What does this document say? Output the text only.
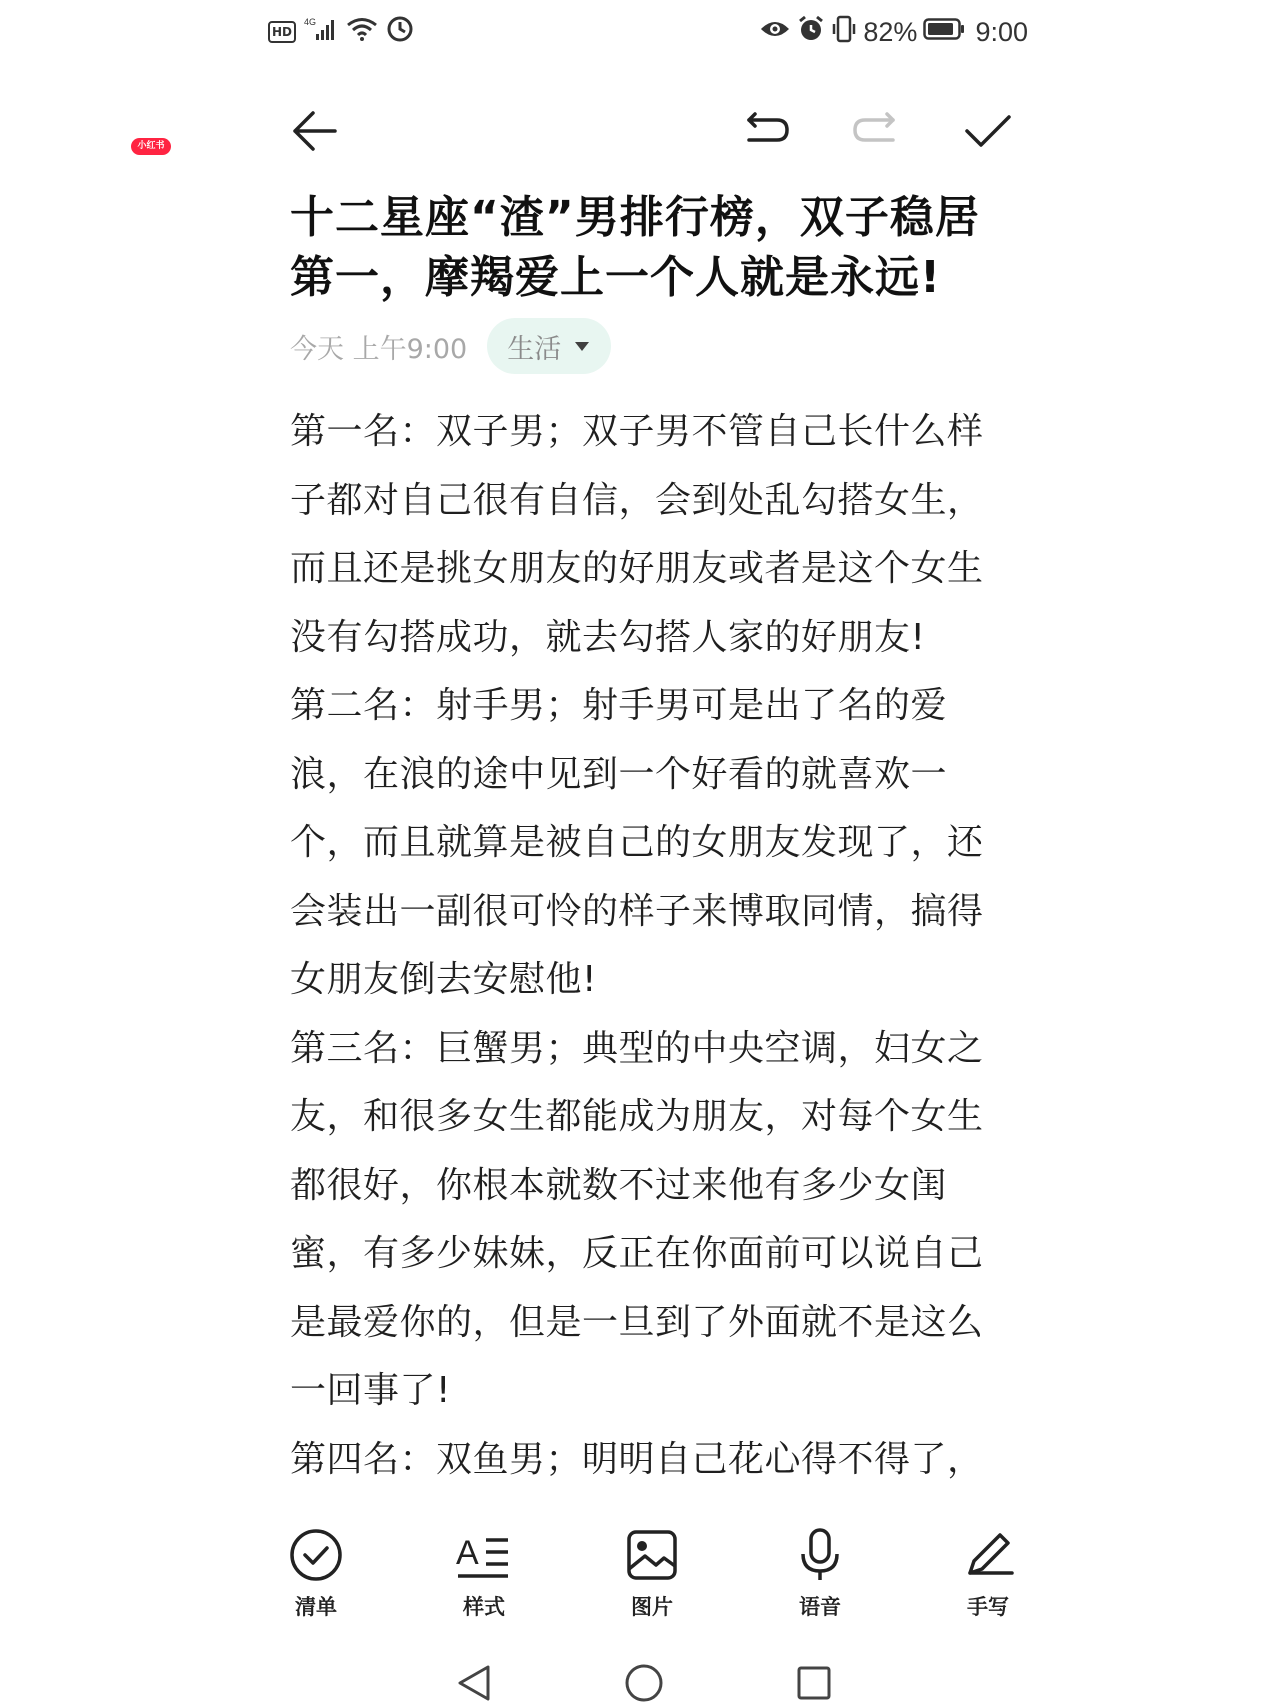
小红书
HD
4G	82% 9:00
十二星座“渣”男排行榜，双子稳居第一，摩羯爱上一个人就是永远!
今天 上午9:00 生活

第一名：双子男；双子男不管自己长什么样子都对自己很有自信，会到处乱勾搭女生，而且还是挑女朋友的好朋友或者是这个女生没有勾搭成功，就去勾搭人家的好朋友!

第二名：射手男；射手男可是出了名的爱浪，在浪的途中见到一个好看的就喜欢一个，而且就算是被自己的女朋友发现了，还会装出一副很可怜的样子来博取同情，搞得女朋友倒去安慰他!

第三名：巨蟹男；典型的中央空调，妇女之友，和很多女生都能成为朋友，对每个女生都很好，你根本就数不过来他有多少女闺蜜，有多少妹妹，反正在你面前可以说自己是最爱你的，但是一旦到了外面就不是这么一回事了!

第四名：双鱼男；明明自己花心得不得了，

清单
A
样式	图片	语音	手写
